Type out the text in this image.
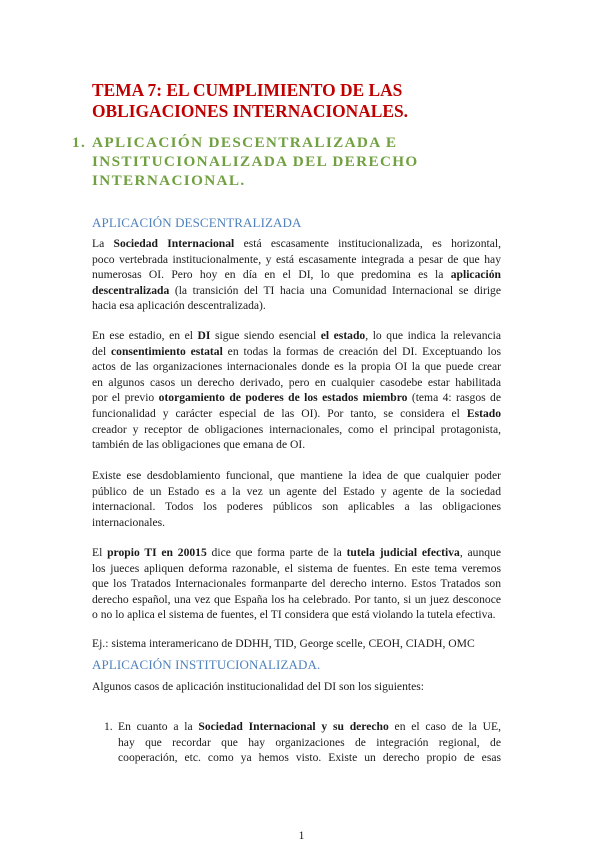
TEMA 7: EL CUMPLIMIENTO DE LAS
OBLIGACIONES INTERNACIONALES.
1. APLICACIÓN DESCENTRALIZADA E
INSTITUCIONALIZADA DEL DERECHO
INTERNACIONAL.
APLICACIÓN DESCENTRALIZADA
La Sociedad Internacional está escasamente institucionalizada, es horizontal,
poco vertebrada institucionalmente, y está escasamente integrada a pesar de que hay
numerosas OI. Pero hoy en día en el DI, lo que predomina es la aplicación
descentralizada (la transición del TI hacia una Comunidad Internacional se dirige
hacia esa aplicación descentralizada).
En ese estadio, en el DI sigue siendo esencial el estado, lo que indica la relevancia
del consentimiento estatal en todas la formas de creación del DI. Exceptuando los
actos de las organizaciones internacionales donde es la propia OI la que puede crear
en algunos casos un derecho derivado, pero en cualquier casodebe estar habilitada
por el previo otorgamiento de poderes de los estados miembro (tema 4: rasgos de
funcionalidad y carácter especial de las OI). Por tanto, se considera el Estado
creador y receptor de obligaciones internacionales, como el principal protagonista,
también de las obligaciones que emana de OI.
Existe ese desdoblamiento funcional, que mantiene la idea de que cualquier poder
público de un Estado es a la vez un agente del Estado y agente de la sociedad
internacional. Todos los poderes públicos son aplicables a las obligaciones
internacionales.
El propio TI en 20015 dice que forma parte de la tutela judicial efectiva, aunque
los jueces apliquen deforma razonable, el sistema de fuentes. En este tema veremos
que los Tratados Internacionales formanparte del derecho interno. Estos Tratados son
derecho español, una vez que España los ha celebrado. Por tanto, si un juez desconoce
o no lo aplica el sistema de fuentes, el TI considera que está violando la tutela efectiva.
Ej.: sistema interamericano de DDHH, TID, George scelle, CEOH, CIADH, OMC
APLICACIÓN INSTITUCIONALIZADA.
Algunos casos de aplicación institucionalidad del DI son los siguientes:
1. En cuanto a la Sociedad Internacional y su derecho en el caso de la UE,
hay que recordar que hay organizaciones de integración regional, de
cooperación, etc. como ya hemos visto. Existe un derecho propio de esas
1
